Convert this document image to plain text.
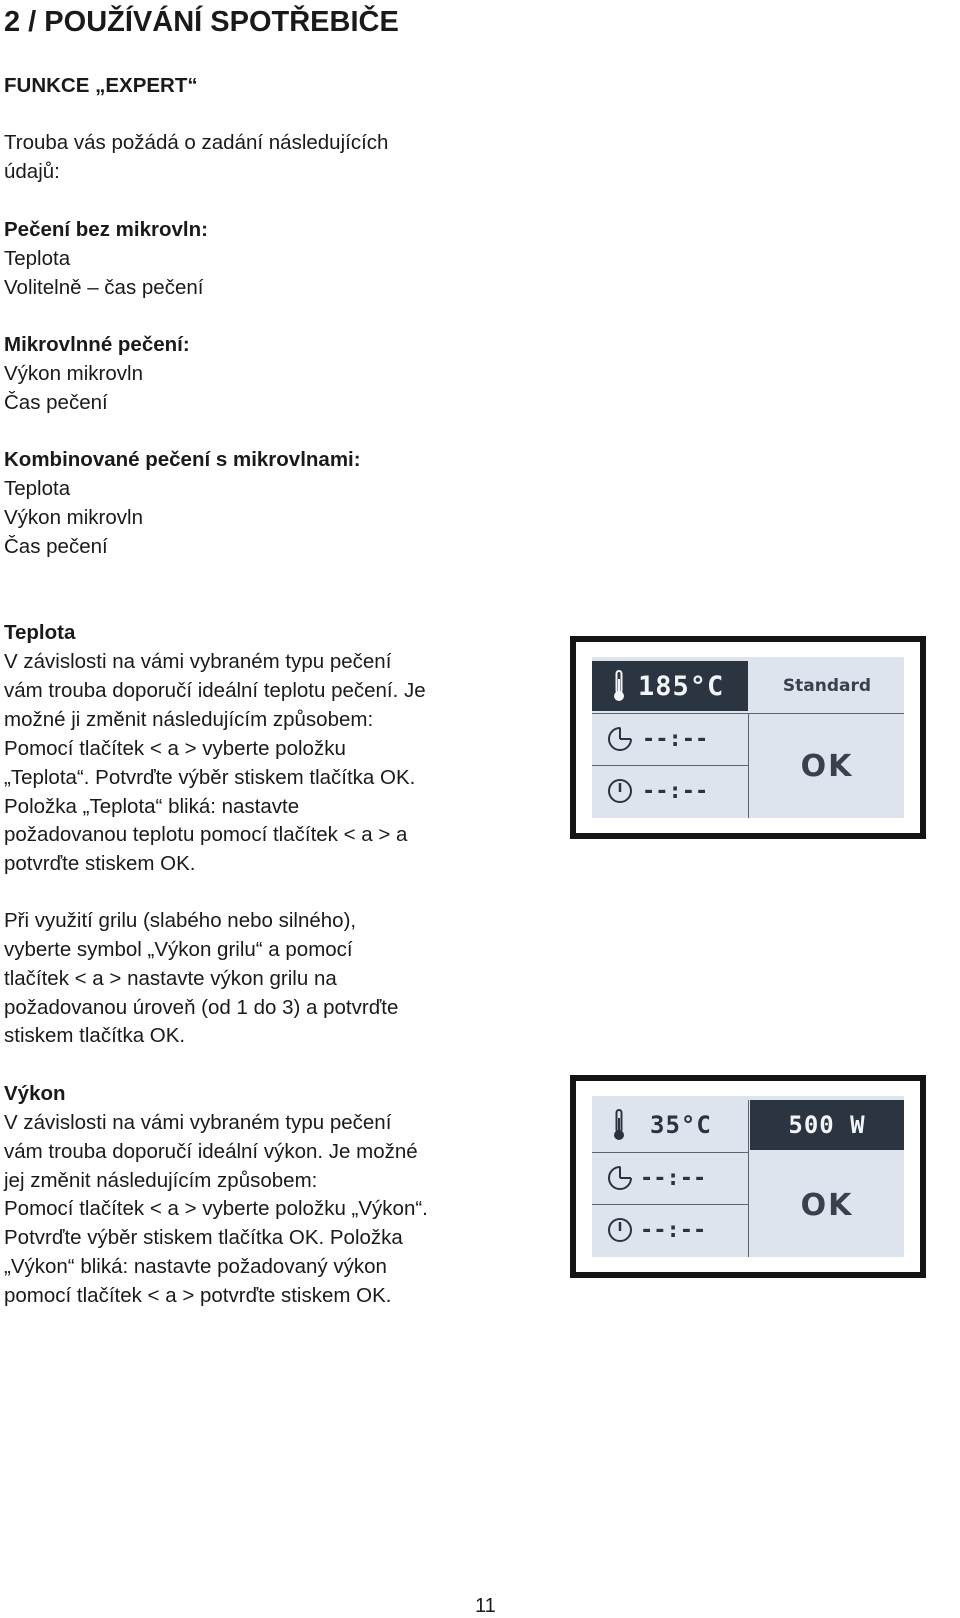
2 / POUŽÍVÁNÍ SPOTŘEBIČE

FUNKCE „EXPERT“

Trouba vás požádá o zadání následujících

údajů:

Pečení bez mikrovln:

Teplota

Volitelně – čas pečení

Mikrovlnné pečení:

Výkon mikrovln

Čas pečení

Kombinované pečení s mikrovlnami:

Teplota

Výkon mikrovln

Čas pečení

Teplota

V závislosti na vámi vybraném typu pečení

vám trouba doporučí ideální teplotu pečení. Je

možné ji změnit následujícím způsobem:

Pomocí tlačítek < a > vyberte položku

„Teplota“. Potvrďte výběr stiskem tlačítka OK.

Položka „Teplota“ bliká: nastavte

požadovanou teplotu pomocí tlačítek < a > a

potvrďte stiskem OK.

Při využití grilu (slabého nebo silného),

vyberte symbol „Výkon grilu“ a pomocí

tlačítek < a > nastavte výkon grilu na

požadovanou úroveň (od 1 do 3) a potvrďte

stiskem tlačítka OK.

Výkon

V závislosti na vámi vybraném typu pečení

vám trouba doporučí ideální výkon. Je možné

jej změnit následujícím způsobem:

Pomocí tlačítek < a > vyberte položku „Výkon“.

Potvrďte výběr stiskem tlačítka OK. Položka

„Výkon“ bliká: nastavte požadovaný výkon

pomocí tlačítek < a > potvrďte stiskem OK.

185°C	Standard
--:--
--:--
OK
35°C	500 W
--:--
--:--
OK
11
